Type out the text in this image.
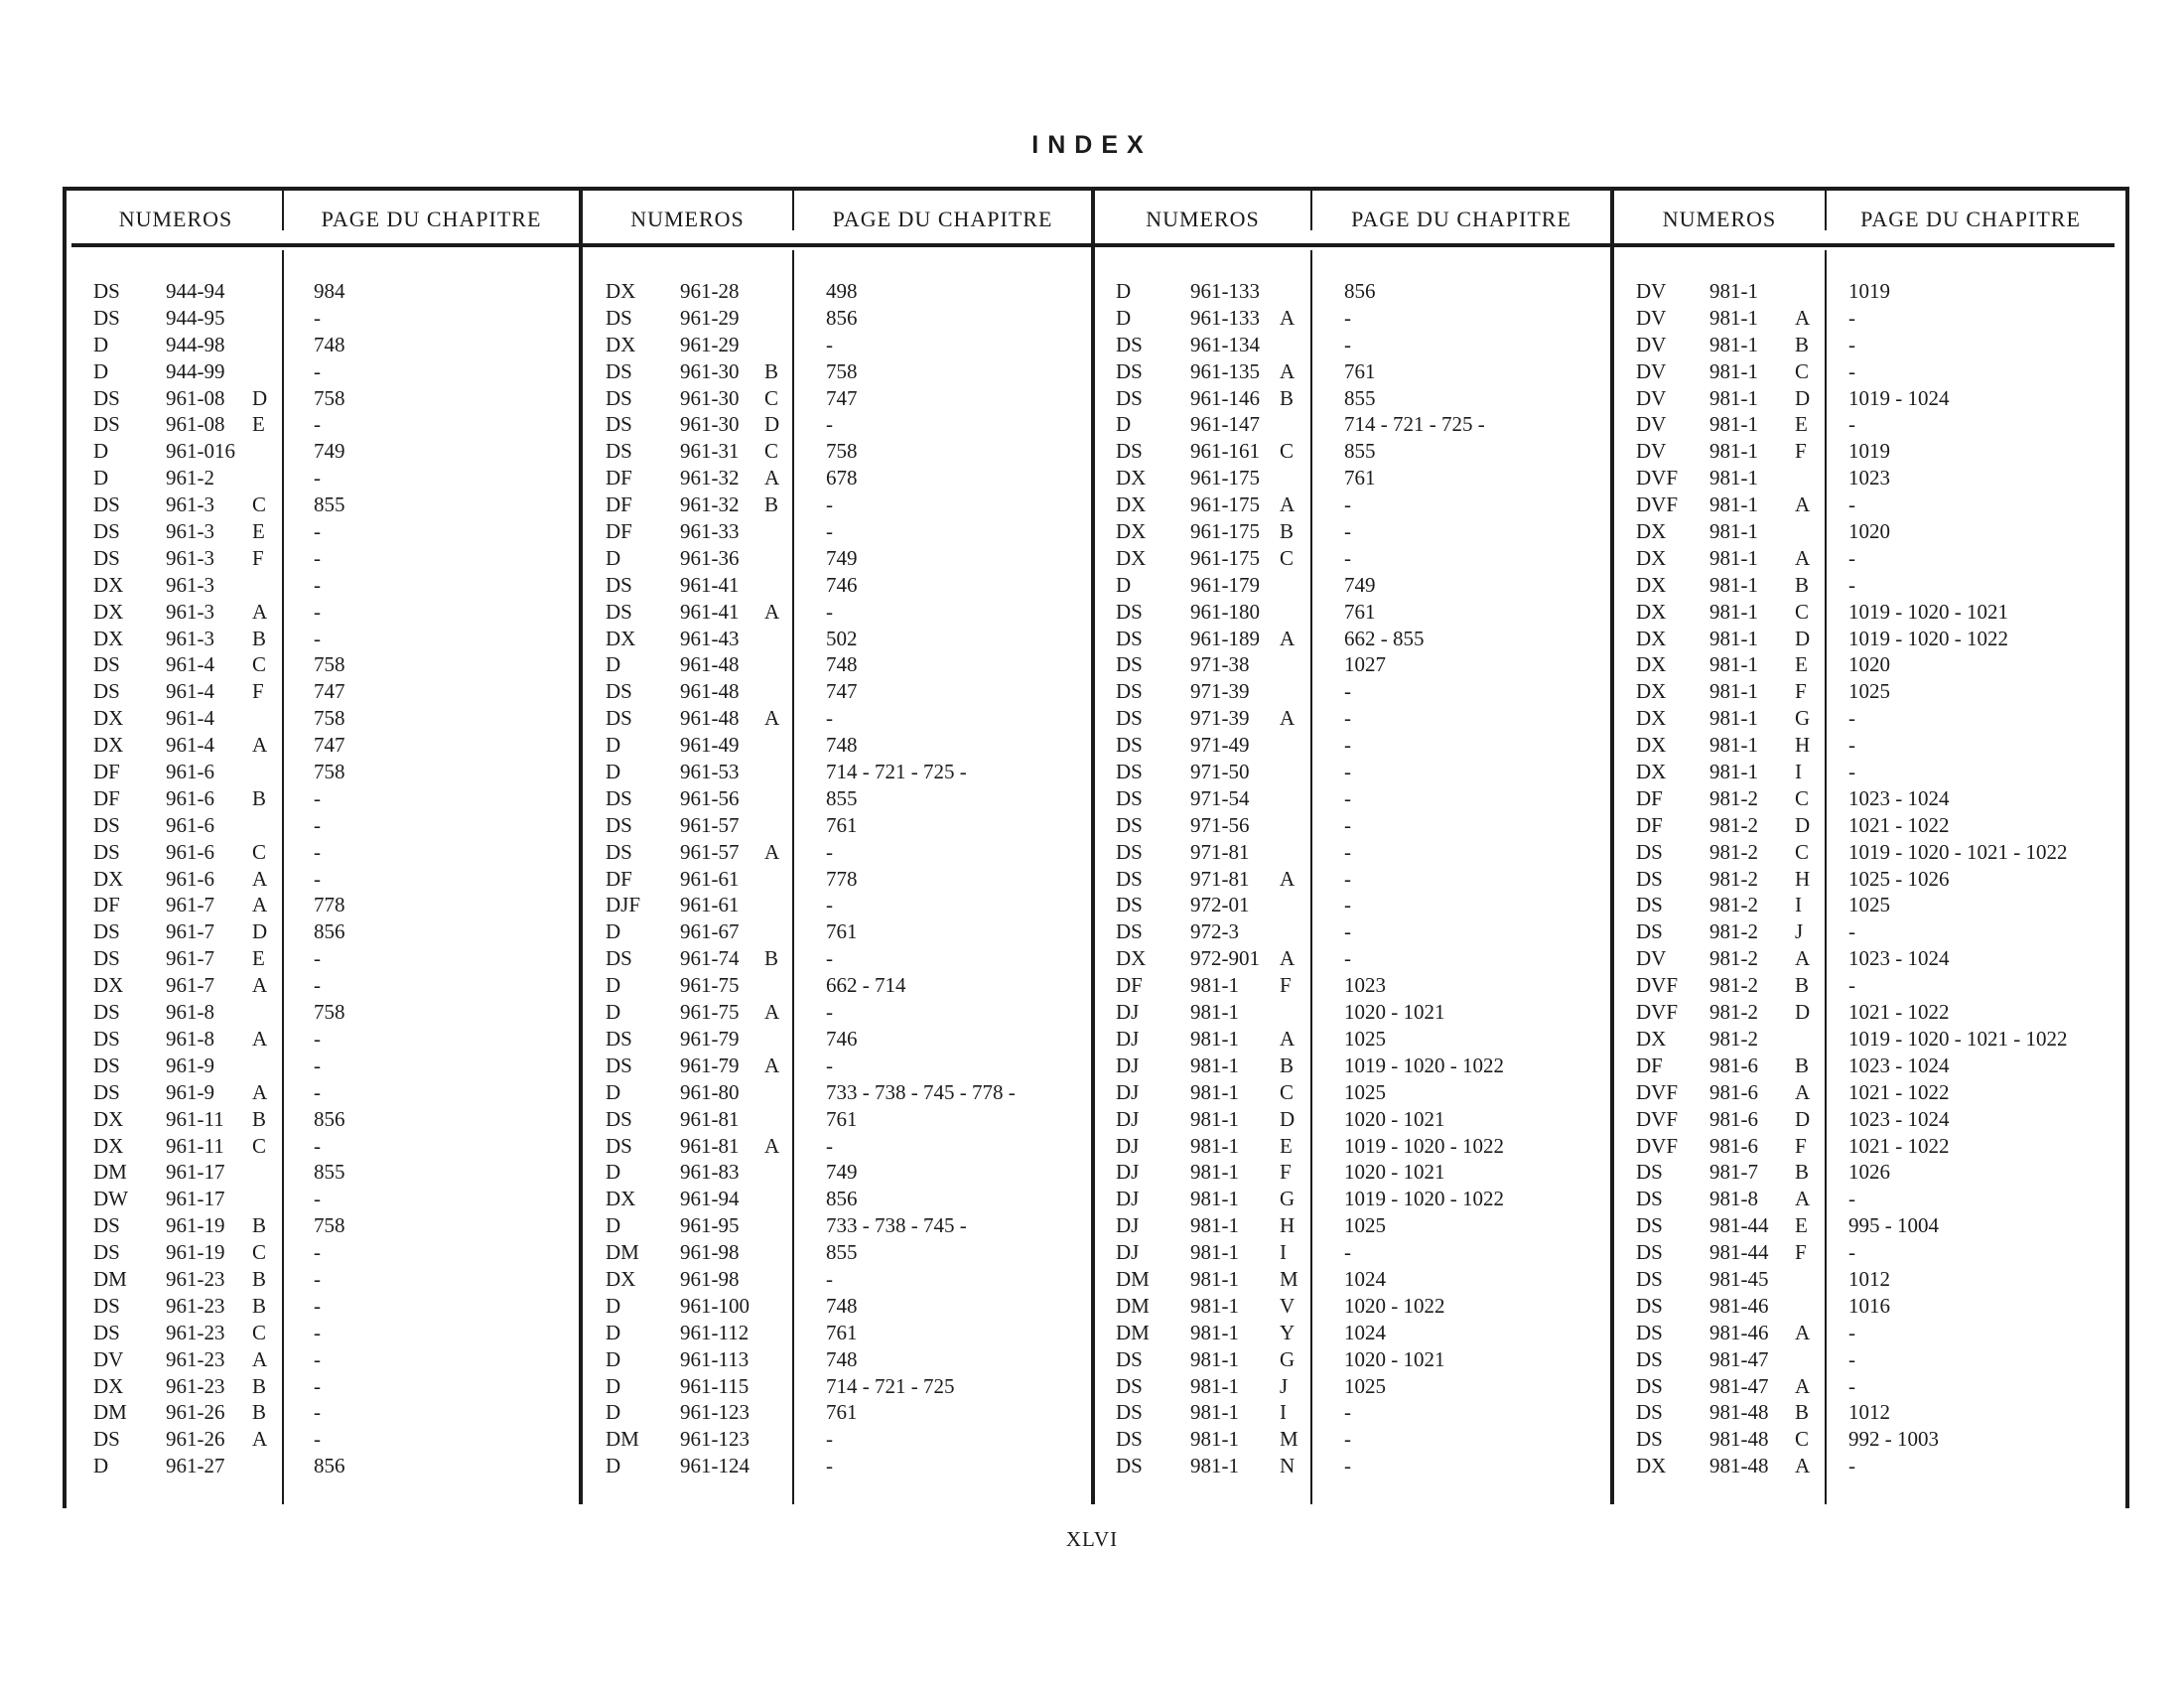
INDEX
NUMEROS	PAGE DU CHAPITRE	NUMEROS	PAGE DU CHAPITRE	NUMEROS	PAGE DU CHAPITRE	NUMEROS	PAGE DU CHAPITRE
DS 944-94	984
DS 944-95	-
D	944-98	748
D	944-99	-
DS 961-08 D 758
DS 961-08 E -
D	961-016	749
D	961-2	-
DS 961-3 C 855
DS 961-3 E -
DS 961-3 F -
DX 961-3	-
DX 961-3 A -
DX 961-3 B -
DS 961-4 C 758
DS 961-4 F 747
DX 961-4	758
DX 961-4 A 747
DF 961-6	758
DF 961-6 B -
DS 961-6	-
DS 961-6 C -
DX 961-6 A -
DF 961-7 A 778
DS 961-7 D 856
DS 961-7 E -
DX 961-7 A -
DS 961-8	758
DS 961-8 A -
DS 961-9	-
DS 961-9 A -
DX 961-11 B 856
DX 961-11 C -
DM 961-17	855
DW 961-17	-
DS 961-19 B 758
DS 961-19 C -
DM 961-23 B -
DS 961-23 B -
DS 961-23 C -
DV 961-23 A -
DX 961-23 B -
DM 961-26 B -
DS 961-26 A -
D	961-27	856
DX 961-28	498
DS 961-29	856
DX 961-29	-
DS 961-30 B 758
DS 961-30 C 747
DS 961-30 D -
DS 961-31 C 758
DF 961-32 A 678
DF 961-32 B -
DF 961-33	-
D	961-36	749
DS 961-41	746
DS 961-41 A -
DX 961-43	502
D	961-48	748
DS 961-48	747
DS 961-48 A -
D	961-49	748
D	961-53	714 - 721 - 725 -
DS 961-56	855
DS 961-57	761
DS 961-57 A -
DF 961-61	778
DJF 961-61	-
D	961-67	761
DS 961-74 B -
D	961-75	662 - 714
D	961-75 A -
DS 961-79	746
DS 961-79 A -
D	961-80	733 - 738 - 745 - 778 -
DS 961-81	761
DS 961-81 A -
D	961-83	749
DX 961-94	856
D	961-95	733 - 738 - 745 -
DM 961-98	855
DX 961-98	-
D	961-100	748
D	961-112	761
D	961-113	748
D	961-115	714 - 721 - 725
D	961-123	761
DM 961-123	-
D	961-124	-
D	961-133	856
D	961-133 A -
DS 961-134	-
DS 961-135 A 761
DS 961-146 B 855
D	961-147	714 - 721 - 725 -
DS 961-161 C 855
DX 961-175	761
DX 961-175 A -
DX 961-175 B -
DX 961-175 C -
D	961-179	749
DS 961-180	761
DS 961-189 A 662 - 855
DS 971-38	1027
DS 971-39	-
DS 971-39 A -
DS 971-49	-
DS 971-50	-
DS 971-54	-
DS 971-56	-
DS 971-81	-
DS 971-81 A -
DS 972-01	-
DS 972-3	-
DX 972-901 A -
DF 981-1 F	1023
DJ 981-1	1020 - 1021
DJ 981-1 A 1025
DJ 981-1 B 1019 - 1020 - 1022
DJ 981-1 C 1025
DJ 981-1 D 1020 - 1021
DJ 981-1 E 1019 - 1020 - 1022
DJ 981-1 F	1020 - 1021
DJ 981-1 G 1019 - 1020 - 1022
DJ 981-1 H 1025
DJ 981-1 I	-
DM 981-1 M 1024
DM 981-1 V 1020 - 1022
DM 981-1 Y 1024
DS 981-1 G 1020 - 1021
DS 981-1 J	1025
DS 981-1 I	-
DS 981-1 M -
DS 981-1 N -
DV 981-1	1019
DV 981-1 A -
DV 981-1 B -
DV 981-1 C -
DV 981-1 D 1019 - 1024
DV 981-1 E -
DV 981-1 F 1019
DVF 981-1	1023
DVF 981-1 A -
DX 981-1	1020
DX 981-1 A -
DX 981-1 B -
DX 981-1 C 1019 - 1020 - 1021
DX 981-1 D 1019 - 1020 - 1022
DX 981-1 E 1020
DX 981-1 F 1025
DX 981-1 G -
DX 981-1 H -
DX 981-1 I -
DF 981-2 C 1023 - 1024
DF 981-2 D 1021 - 1022
DS 981-2 C 1019 - 1020 - 1021 - 1022
DS 981-2 H 1025 - 1026
DS 981-2 I 1025
DS 981-2 J -
DV 981-2 A 1023 - 1024
DVF 981-2 B -
DVF 981-2 D 1021 - 1022
DX 981-2	1019 - 1020 - 1021 - 1022
DF 981-6 B 1023 - 1024
DVF 981-6 A 1021 - 1022
DVF 981-6 D 1023 - 1024
DVF 981-6 F 1021 - 1022
DS 981-7 B 1026
DS 981-8 A -
DS 981-44 E 995 - 1004
DS 981-44 F -
DS 981-45	1012
DS 981-46	1016
DS 981-46 A -
DS 981-47	-
DS 981-47 A -
DS 981-48 B 1012
DS 981-48 C 992 - 1003
DX 981-48 A -
XLVI
